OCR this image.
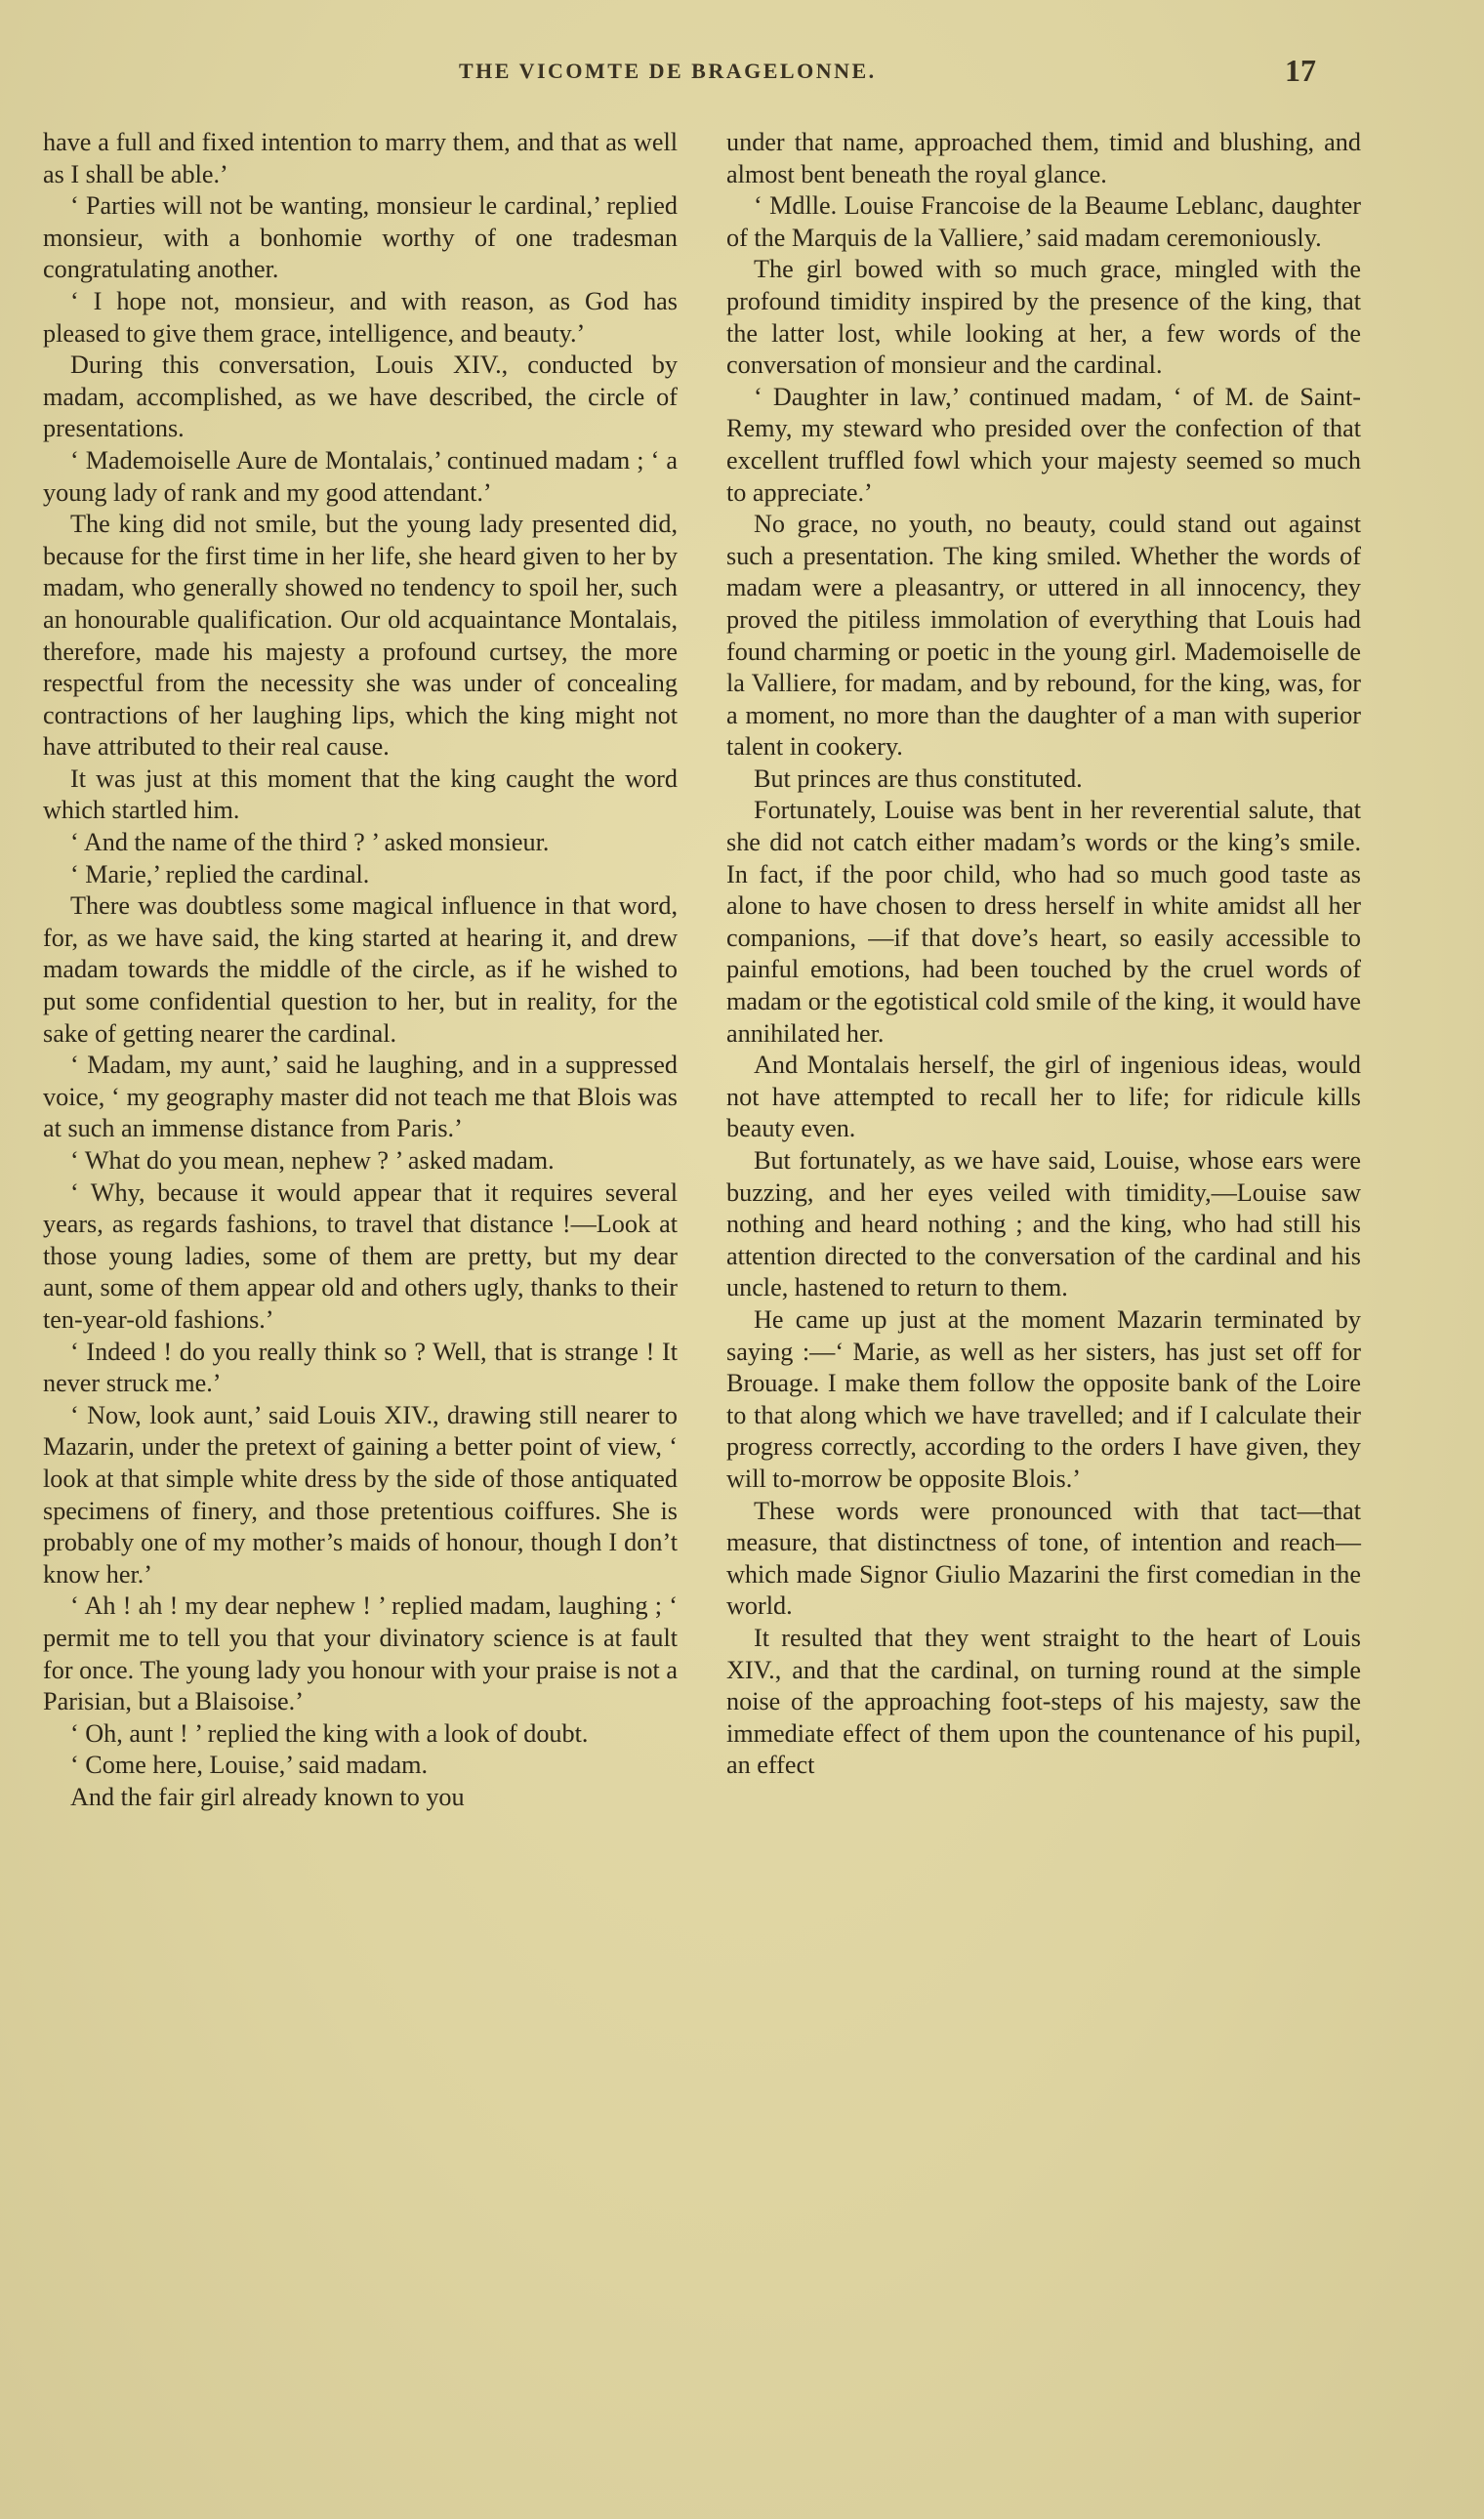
THE VICOMTE DE BRAGELONNE.	17

have a full and fixed intention to marry them, and that as well as I shall be able.’

‘ Parties will not be wanting, monsieur le cardinal,’ replied monsieur, with a bonhomie worthy of one tradesman congratulating another.

‘ I hope not, monsieur, and with reason, as God has pleased to give them grace, intelligence, and beauty.’

During this conversation, Louis XIV., conducted by madam, accomplished, as we have described, the circle of presentations.

‘ Mademoiselle Aure de Montalais,’ continued madam ; ‘ a young lady of rank and my good attendant.’

The king did not smile, but the young lady presented did, because for the first time in her life, she heard given to her by madam, who generally showed no tendency to spoil her, such an honourable qualification. Our old acquaintance Montalais, therefore, made his majesty a profound curtsey, the more respectful from the necessity she was under of concealing contractions of her laughing lips, which the king might not have attributed to their real cause.

It was just at this moment that the king caught the word which startled him.

‘ And the name of the third ? ’ asked monsieur.

‘ Marie,’ replied the cardinal.

There was doubtless some magical influence in that word, for, as we have said, the king started at hearing it, and drew madam towards the middle of the circle, as if he wished to put some confidential question to her, but in reality, for the sake of getting nearer the cardinal.

‘ Madam, my aunt,’ said he laughing, and in a suppressed voice, ‘ my geography master did not teach me that Blois was at such an immense distance from Paris.’

‘ What do you mean, nephew ? ’ asked madam.

‘ Why, because it would appear that it requires several years, as regards fashions, to travel that distance !—Look at those young ladies, some of them are pretty, but my dear aunt, some of them appear old and others ugly, thanks to their ten-year-old fashions.’

‘ Indeed ! do you really think so ? Well, that is strange ! It never struck me.’

‘ Now, look aunt,’ said Louis XIV., drawing still nearer to Mazarin, under the pretext of gaining a better point of view, ‘ look at that simple white dress by the side of those antiquated specimens of finery, and those pretentious coiffures. She is probably one of my mother’s maids of honour, though I don’t know her.’

‘ Ah ! ah ! my dear nephew ! ’ replied madam, laughing ; ‘ permit me to tell you that your divinatory science is at fault for once. The young lady you honour with your praise is not a Parisian, but a Blaisoise.’

‘ Oh, aunt ! ’ replied the king with a look of doubt.

‘ Come here, Louise,’ said madam.

And the fair girl already known to you

under that name, approached them, timid and blushing, and almost bent beneath the royal glance.

‘ Mdlle. Louise Francoise de la Beaume Leblanc, daughter of the Marquis de la Valliere,’ said madam ceremoniously.

The girl bowed with so much grace, mingled with the profound timidity inspired by the presence of the king, that the latter lost, while looking at her, a few words of the conversation of monsieur and the cardinal.

‘ Daughter in law,’ continued madam, ‘ of M. de Saint-Remy, my steward who presided over the confection of that excellent truffled fowl which your majesty seemed so much to appreciate.’

No grace, no youth, no beauty, could stand out against such a presentation. The king smiled. Whether the words of madam were a pleasantry, or uttered in all innocency, they proved the pitiless immolation of everything that Louis had found charming or poetic in the young girl. Mademoiselle de la Valliere, for madam, and by rebound, for the king, was, for a moment, no more than the daughter of a man with superior talent in cookery.

But princes are thus constituted.

Fortunately, Louise was bent in her reverential salute, that she did not catch either madam’s words or the king’s smile. In fact, if the poor child, who had so much good taste as alone to have chosen to dress herself in white amidst all her companions, —if that dove’s heart, so easily accessible to painful emotions, had been touched by the cruel words of madam or the egotistical cold smile of the king, it would have annihilated her.

And Montalais herself, the girl of ingenious ideas, would not have attempted to recall her to life; for ridicule kills beauty even.

But fortunately, as we have said, Louise, whose ears were buzzing, and her eyes veiled with timidity,—Louise saw nothing and heard nothing ; and the king, who had still his attention directed to the conversation of the cardinal and his uncle, hastened to return to them.

He came up just at the moment Mazarin terminated by saying :—‘ Marie, as well as her sisters, has just set off for Brouage. I make them follow the opposite bank of the Loire to that along which we have travelled; and if I calculate their progress correctly, according to the orders I have given, they will to-morrow be opposite Blois.’

These words were pronounced with that tact—that measure, that distinctness of tone, of intention and reach—which made Signor Giulio Mazarini the first comedian in the world.

It resulted that they went straight to the heart of Louis XIV., and that the cardinal, on turning round at the simple noise of the approaching foot-steps of his majesty, saw the immediate effect of them upon the countenance of his pupil, an effect
